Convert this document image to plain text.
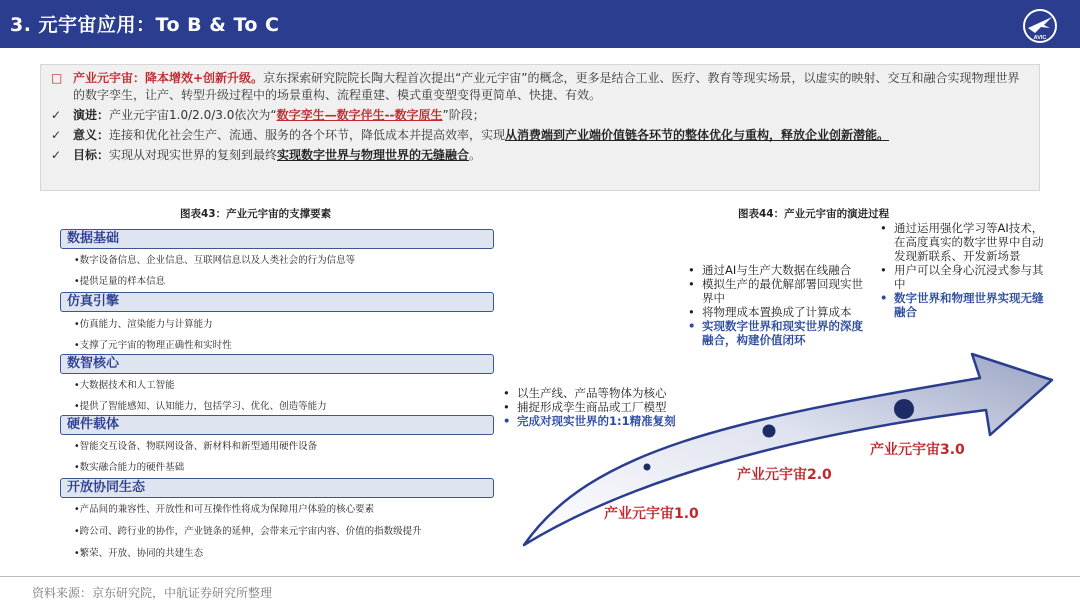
3. 元宇宙应用：To B & To C
AVIC
□ 产业元宇宙：降本增效+创新升级。京东探索研究院院长陶大程首次提出“产业元宇宙”的概念，更多是结合工业、医疗、教育等现实场景，以虚实的映射、交互和融合实现物理世界的数字孪生，让产、转型升级过程中的场景重构、流程重建、模式重变塑变得更简单、快捷、有效。
✓ 演进：产业元宇宙1.0/2.0/3.0依次为“数字孪生—数字伴生--数字原生”阶段；
✓ 意义：连接和优化社会生产、流通、服务的各个环节，降低成本并提高效率，实现从消费端到产业端价值链各环节的整体优化与重构，释放企业创新潜能。
✓ 目标：实现从对现实世界的复刻到最终实现数字世界与物理世界的无缝融合。
图表43：产业元宇宙的支撑要素
数据基础
•数字设备信息、企业信息、互联网信息以及人类社会的行为信息等
•提供足量的样本信息
仿真引擎
•仿真能力、渲染能力与计算能力
•支撑了元宇宙的物理正确性和实时性
数智核心
•大数据技术和人工智能
•提供了智能感知、认知能力，包括学习、优化、创造等能力
硬件载体
•智能交互设备、物联网设备、新材料和新型通用硬件设备
•数实融合能力的硬件基础
开放协同生态
•产品间的兼容性、开放性和可互操作性将成为保障用户体验的核心要素
•跨公司、跨行业的协作，产业链条的延伸，会带来元宇宙内容、价值的指数级提升
•繁荣、开放、协同的共建生态
图表44：产业元宇宙的演进过程
产业元宇宙1.0
产业元宇宙2.0
产业元宇宙3.0
• 以生产线、产品等物体为核心
• 捕捉形成孪生商品或工厂模型
• 完成对现实世界的1:1精准复刻
• 通过AI与生产大数据在线融合
• 模拟生产的最优解部署回现实世界中
• 将物理成本置换成了计算成本
• 实现数字世界和现实世界的深度融合，构建价值闭环
• 通过运用强化学习等AI技术，在高度真实的数字世界中自动发现新联系、开发新场景
• 用户可以全身心沉浸式参与其中
• 数字世界和物理世界实现无缝融合
资料来源：京东研究院，中航证券研究所整理
